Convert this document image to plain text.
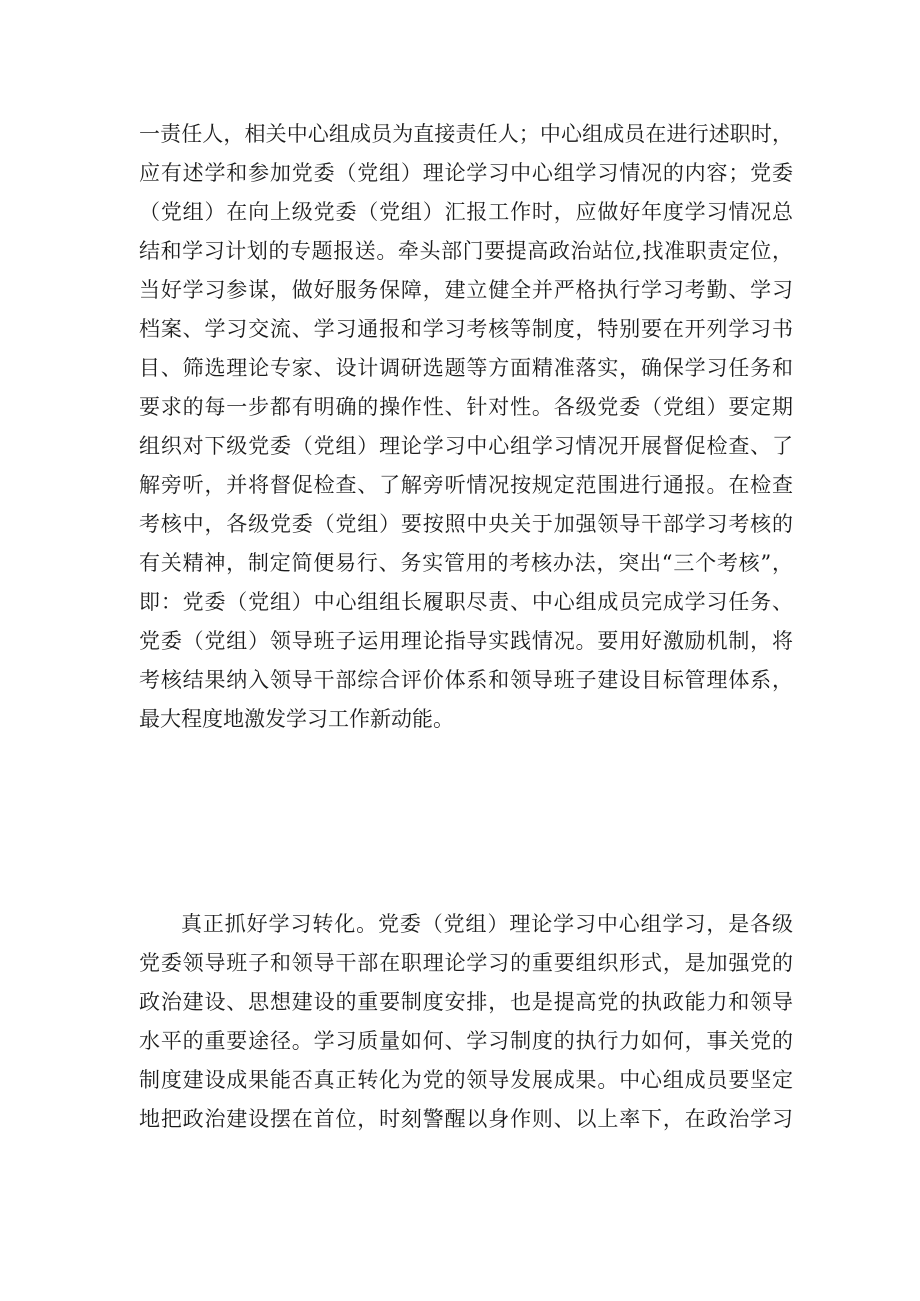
一责任人，相关中心组成员为直接责任人；中心组成员在进行述职时，
应有述学和参加党委（党组）理论学习中心组学习情况的内容；党委
（党组）在向上级党委（党组）汇报工作时，应做好年度学习情况总
结和学习计划的专题报送。牵头部门要提高政治站位,找准职责定位，
当好学习参谋，做好服务保障，建立健全并严格执行学习考勤、学习
档案、学习交流、学习通报和学习考核等制度，特别要在开列学习书
目、筛选理论专家、设计调研选题等方面精准落实，确保学习任务和
要求的每一步都有明确的操作性、针对性。各级党委（党组）要定期
组织对下级党委（党组）理论学习中心组学习情况开展督促检查、了
解旁听，并将督促检查、了解旁听情况按规定范围进行通报。在检查
考核中，各级党委（党组）要按照中央关于加强领导干部学习考核的
有关精神，制定简便易行、务实管用的考核办法，突出“三个考核”，
即：党委（党组）中心组组长履职尽责、中心组成员完成学习任务、
党委（党组）领导班子运用理论指导实践情况。要用好激励机制，将
考核结果纳入领导干部综合评价体系和领导班子建设目标管理体系，
最大程度地激发学习工作新动能。
真正抓好学习转化。党委（党组）理论学习中心组学习，是各级
党委领导班子和领导干部在职理论学习的重要组织形式，是加强党的
政治建设、思想建设的重要制度安排，也是提高党的执政能力和领导
水平的重要途径。学习质量如何、学习制度的执行力如何，事关党的
制度建设成果能否真正转化为党的领导发展成果。中心组成员要坚定
地把政治建设摆在首位，时刻警醒以身作则、以上率下，在政治学习
